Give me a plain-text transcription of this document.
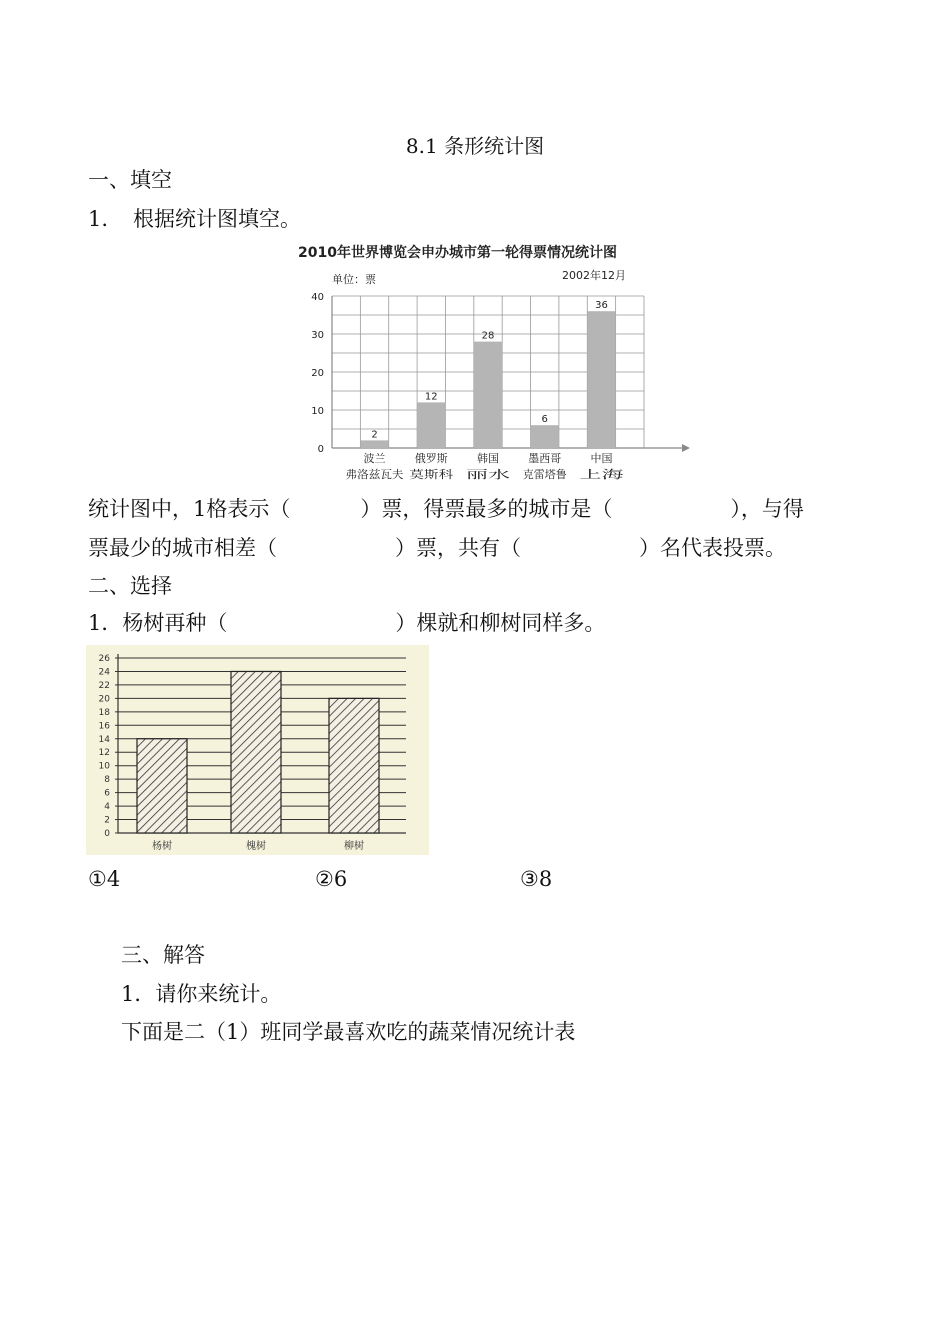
8.1 条形统计图
一、填空
1. 根据统计图填空。
2010年世界博览会申办城市第一轮得票情况统计图
单位：票	2002年12月
0
10
20
30
40
2
波兰
弗洛兹瓦夫
12
俄罗斯
莫斯科
28
韩国
丽水
6
墨西哥
克雷塔鲁
36
中国
上海
统计图中，1格表示（	）票，得票最多的城市是（	），与得
票最少的城市相差（	）票，共有（	）名代表投票。
二、选择
1．杨树再种（	）棵就和柳树同样多。
0
2
4
6
8
10
12
14
16
18
20
22
24
26
杨树	槐树	柳树
①4	②6	③8
三、解答
1．请你来统计。
下面是二（1）班同学最喜欢吃的蔬菜情况统计表
